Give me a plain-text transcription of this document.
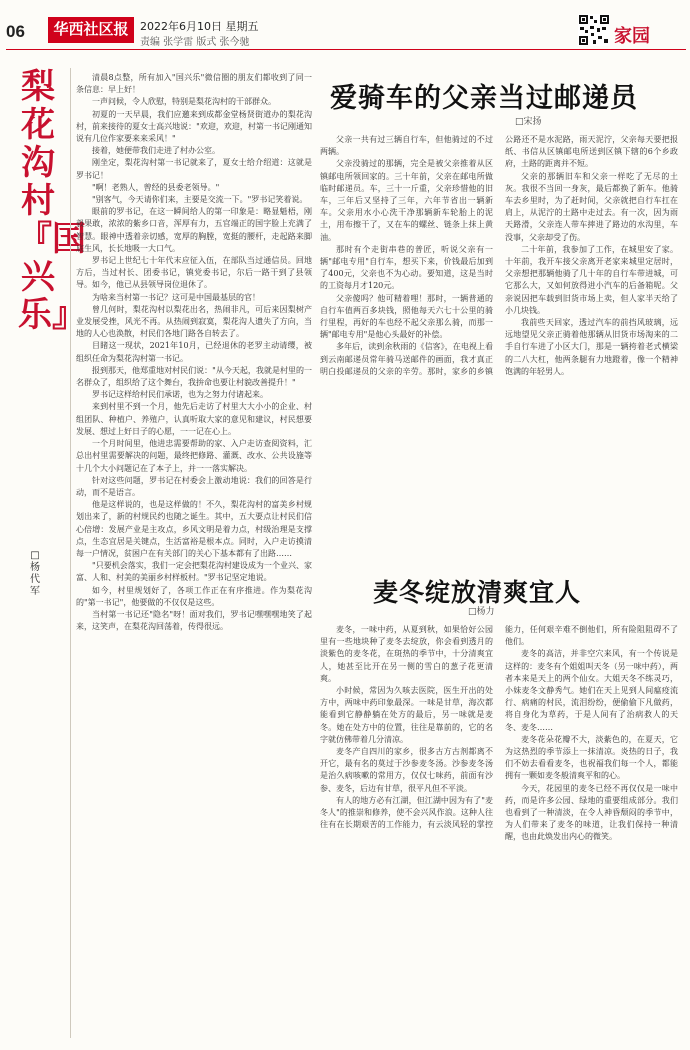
06	华西社区报	2022年6月10日 星期五
责编 张学雷 版式 张今驰	家园
梨花沟村『国兴乐』
□杨代军

清晨8点整，所有加入"国兴乐"微信圈的朋友们都收到了同一条信息：早上好！

一声问候，令人欣慰，特别是梨花沟村的干部群众。

初夏的一天早晨，我们应邀来到成都金堂杨贤街道办的梨花沟村，前来接待的夏女士高兴地说："欢迎，欢迎，村第一书记刚通知说有几位作家要来来采风！"

接着，她便带我们走进了村办公室。

刚坐定，梨花沟村第一书记就来了，夏女士给介绍道：这就是罗书记！

"啊！老熟人，曾经的县委老领导。"

"别客气，今天请你们来，主要是交流一下。"罗书记笑着说。

眼前的罗书记，在这一瞬间给人的第一印象是：略显魁梧，刚毅果敢，浓浓的紫乡口音，浑厚有力，五官端正的国字脸上充满了智慧。眼神中透着亲切感，宽厚的胸膛，宽挺的腰杆，走起路来脚底生风，长长地吸一大口气。

罗书记上世纪七十年代末应征入伍，在部队当过通信员。回地方后，当过村长、团委书记，镇党委书记，尔后一路干到了县领导。如今，他已从县领导岗位退休了。

为啥来当村第一书记？这可是中国最基层的官！

曾几何时，梨花沟村以梨花出名，热闹非凡，可后来因梨树产业发展受挫，风光不再。从热闹到寂寞，梨花沟人遗失了方向，当地的人心也涣散，村民们各地门路各自转去了。

目睹这一现状，2021年10月，已经退休的老罗主动请缨，被组织任命为梨花沟村第一书记。

报到那天，他郑重地对村民们说："从今天起，我就是村里的一名群众了，组织给了这个舞台，我拚命也要让村貌改善提升！"

罗书记这样给村民们承诺，也为之努力付诸起来。

来到村里不到一个月，他先后走访了村里大大小小的企业、村组团队、种植户、养殖户，认真听取大家的意见和建议，村民想要发展、想过上好日子的心愿，一一记在心上。

一个月时间里，他进忠需要帮助的家、入户走访查阅资料，汇总出村里需要解决的问题，最终把修路、灌溉、改水、公共设施等十几个大小问题记在了本子上，并一一落实解决。

针对这些问题，罗书记在村委会上激动地说：我们的回答是行动，而不是语言。

他是这样说的，也是这样做的！不久，梨花沟村的富美乡村规划出来了，新的村规民约也随之诞生。其中，五大要点让村民们信心倍增：发展产业是主攻点，乡风文明是着力点，村级治理是支撑点，生态宜居是关键点，生活富裕是根本点。同时，入户走访摸清每一户情况，贫困户在有关部门的关心下基本都有了出路……

"只要机会落实，我们一定会把梨花沟村建设成为一个业兴、家富、人和、村美的美丽乡村样板村。"罗书记坚定地说。

如今，村里规划好了，各项工作正在有序推进。作为梨花沟的"第一书记"，他要做的不仅仅是这些。

当村第一书记还"隐名"呀！面对我们，罗书记嘿嘿嘿地笑了起来，这笑声，在梨花沟回荡着，传得很远。

爱骑车的父亲当过邮递员
□宋扬

父亲一共有过三辆自行车，但他骑过的不过两辆。

父亲没骑过的那辆，完全是被父亲推着从区镇邮电所领回家的。三十年前，父亲在邮电所做临时邮递员。车，三十一斤重，父亲珍惜他的旧车，三年后又坚持了三年，六年节省出一辆新车。父亲用水小心洗干净那辆新车轮胎上的泥土，用布擦干了，又在车的螺丝、链条上抹上黄油。

那时有个走街串巷的普匠，听说父亲有一辆"邮电专用"自行车，想买下来，价钱最后加到了400元，父亲也不为心动。要知道，这是当时的工资每月才120元。

父亲傻吗？他可精着哩！那时，一辆普通的自行车值两百多块钱，照他每天六七十公里的骑行里程，再好的车也经不起父亲那么骑，而那一辆"邮电专用"是他心头最好的补偿。

多年后，读到余秋雨的《信客》，在电视上看到云南邮递员常年骑马送邮件的画面，我才真正明白投邮递员的父亲的辛劳。那时，家乡的乡镇公路还不是水泥路，雨天泥泞，父亲每天要把报纸、书信从区镇邮电所送到区镇下辖的6个乡政府，土路的距离并不短。

父亲的那辆旧车和父亲一样吃了无尽的土灰。我很不当回一身灰，最后都换了新车。他骑车去乡里时，为了赶时间，父亲就把自行车扛在肩上，从泥泞的土路中走过去。有一次，因为雨天路滑，父亲连人带车摔进了路边的水沟里，车没事，父亲却受了伤。

二十年前，我参加了工作，在城里安了家。十年前，我开车接父亲离开老家来城里定居时，父亲想把那辆他骑了几十年的自行车带进城，可它那么大，又如何放得进小汽车的后备箱呢。父亲说因把车载到旧货市场上卖，但人家半天给了小几块钱。

我前些天回家，透过汽车的前挡风玻璃，远远地望见父亲正骑着他那辆从旧货市场淘来的二手自行车进了小区大门，那是一辆挎着老式横梁的二八大杠，他两条腿有力地蹬着，像一个精神饱满的年轻男人。

麦冬绽放清爽宜人
□杨力

麦冬，一味中药，从夏到秋，如果恰好公园里有一些地块种了麦冬去绽放，你会看到透月的淡紫色的麦冬花，在斑热的季节中，十分清爽宜人，她甚至比开在另一侧的雪白的葱子花更清爽。

小时候，常因为久咳去医院，医生开出的处方中，两味中药印象最深。一味是甘草，海次都能看到它静静躺在处方的最后，另一味就是麦冬。她在处方中的位置，往往是靠前的，它的名字就仿佛带着几分清凉。

麦冬产自四川的家乡，很多古方古剂都离不开它，最有名的莫过于沙参麦冬汤。沙参麦冬汤是治久病咳嗽的常用方，仅仅七味药，前面有沙参、麦冬，后边有甘草，很平凡但不平淡。

有人的地方必有江湖，但江湖中因为有了"麦冬人"的推崇和修养，使不会兴风作浪。这种人往往有在长期艰苦的工作能力，有云淡风轻的掌控能力，任何艰辛难不倒他们，所有险阻阻碍不了他们。

麦冬的高洁，并非空穴来风，有一个传说是这样的：麦冬有个姐姐叫天冬（另一味中药），两者本来是天上的两个仙女。大姐天冬不练灵巧，小妹麦冬文静秀气。她们在天上见到人间瘟疫流行、病痛的村民，流泪纷纷，便偷偷下凡做药，将自身化为草药，于是人间有了治病救人的天冬、麦冬……

麦冬花朵花瓣不大，淡紫色的，在夏天，它为这热烈的季节添上一抹清凉。炎热的日子，我们不妨去看看麦冬，也祝福我们每一个人，都能拥有一颗如麦冬般清爽平和的心。

今天，花园里的麦冬已经不再仅仅是一味中药，而是许多公园、绿地的重要组成部分。我们也看到了一种清淡，在令人神昏颓闷的季节中，为人们带来了麦冬的味道，让我们保持一种清醒，也由此焕发出内心的微笑。
